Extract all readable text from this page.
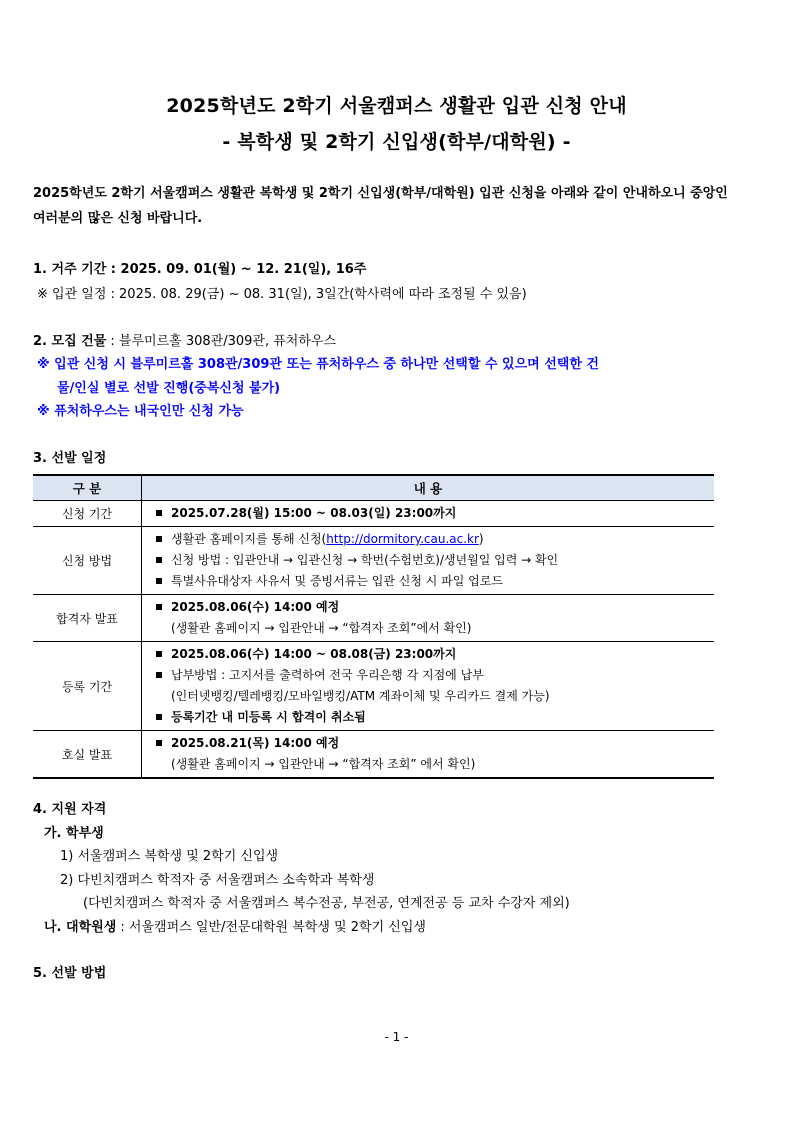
2025학년도 2학기 서울캠퍼스 생활관 입관 신청 안내
- 복학생 및 2학기 신입생(학부/대학원) -
2025학년도 2학기 서울캠퍼스 생활관 복학생 및 2학기 신입생(학부/대학원) 입관 신청을 아래와 같이 안내하오니 중앙인 여러분의 많은 신청 바랍니다.
1. 거주 기간 : 2025. 09. 01(월) ~ 12. 21(일), 16주
※ 입관 일정 : 2025. 08. 29(금) ~ 08. 31(일), 3일간(학사력에 따라 조정될 수 있음)
2. 모집 건물 : 블루미르홀 308관/309관, 퓨처하우스
※ 입관 신청 시 블루미르홀 308관/309관 또는 퓨처하우스 중 하나만 선택할 수 있으며 선택한 건
물/인실 별로 선발 진행(중복신청 불가)
※ 퓨처하우스는 내국인만 신청 가능
3. 선발 일정
구 분	내 용
신청 기간	2025.07.28(월) 15:00 ~ 08.03(일) 23:00까지

신청 방법	생활관 홈페이지를 통해 신청(http://dormitory.cau.ac.kr)
신청 방법 : 입관안내 → 입관신청 → 학번(수험번호)/생년월일 입력 → 확인
특별사유대상자 사유서 및 증빙서류는 입관 신청 시 파일 업로드

합격자 발표	2025.08.06(수) 14:00 예정
(생활관 홈페이지 → 입관안내 → “합격자 조회”에서 확인)

등록 기간	2025.08.06(수) 14:00 ~ 08.08(금) 23:00까지
납부방법 : 고지서를 출력하여 전국 우리은행 각 지점에 납부
(인터넷뱅킹/텔레뱅킹/모바일뱅킹/ATM 계좌이체 및 우리카드 결제 가능)
등록기간 내 미등록 시 합격이 취소됨

호실 발표	2025.08.21(목) 14:00 예정
(생활관 홈페이지 → 입관안내 → “합격자 조회” 에서 확인)
4. 지원 자격
가. 학부생
1) 서울캠퍼스 복학생 및 2학기 신입생
2) 다빈치캠퍼스 학적자 중 서울캠퍼스 소속학과 복학생
(다빈치캠퍼스 학적자 중 서울캠퍼스 복수전공, 부전공, 연계전공 등 교차 수강자 제외)
나. 대학원생 : 서울캠퍼스 일반/전문대학원 복학생 및 2학기 신입생
5. 선발 방법
- 1 -
